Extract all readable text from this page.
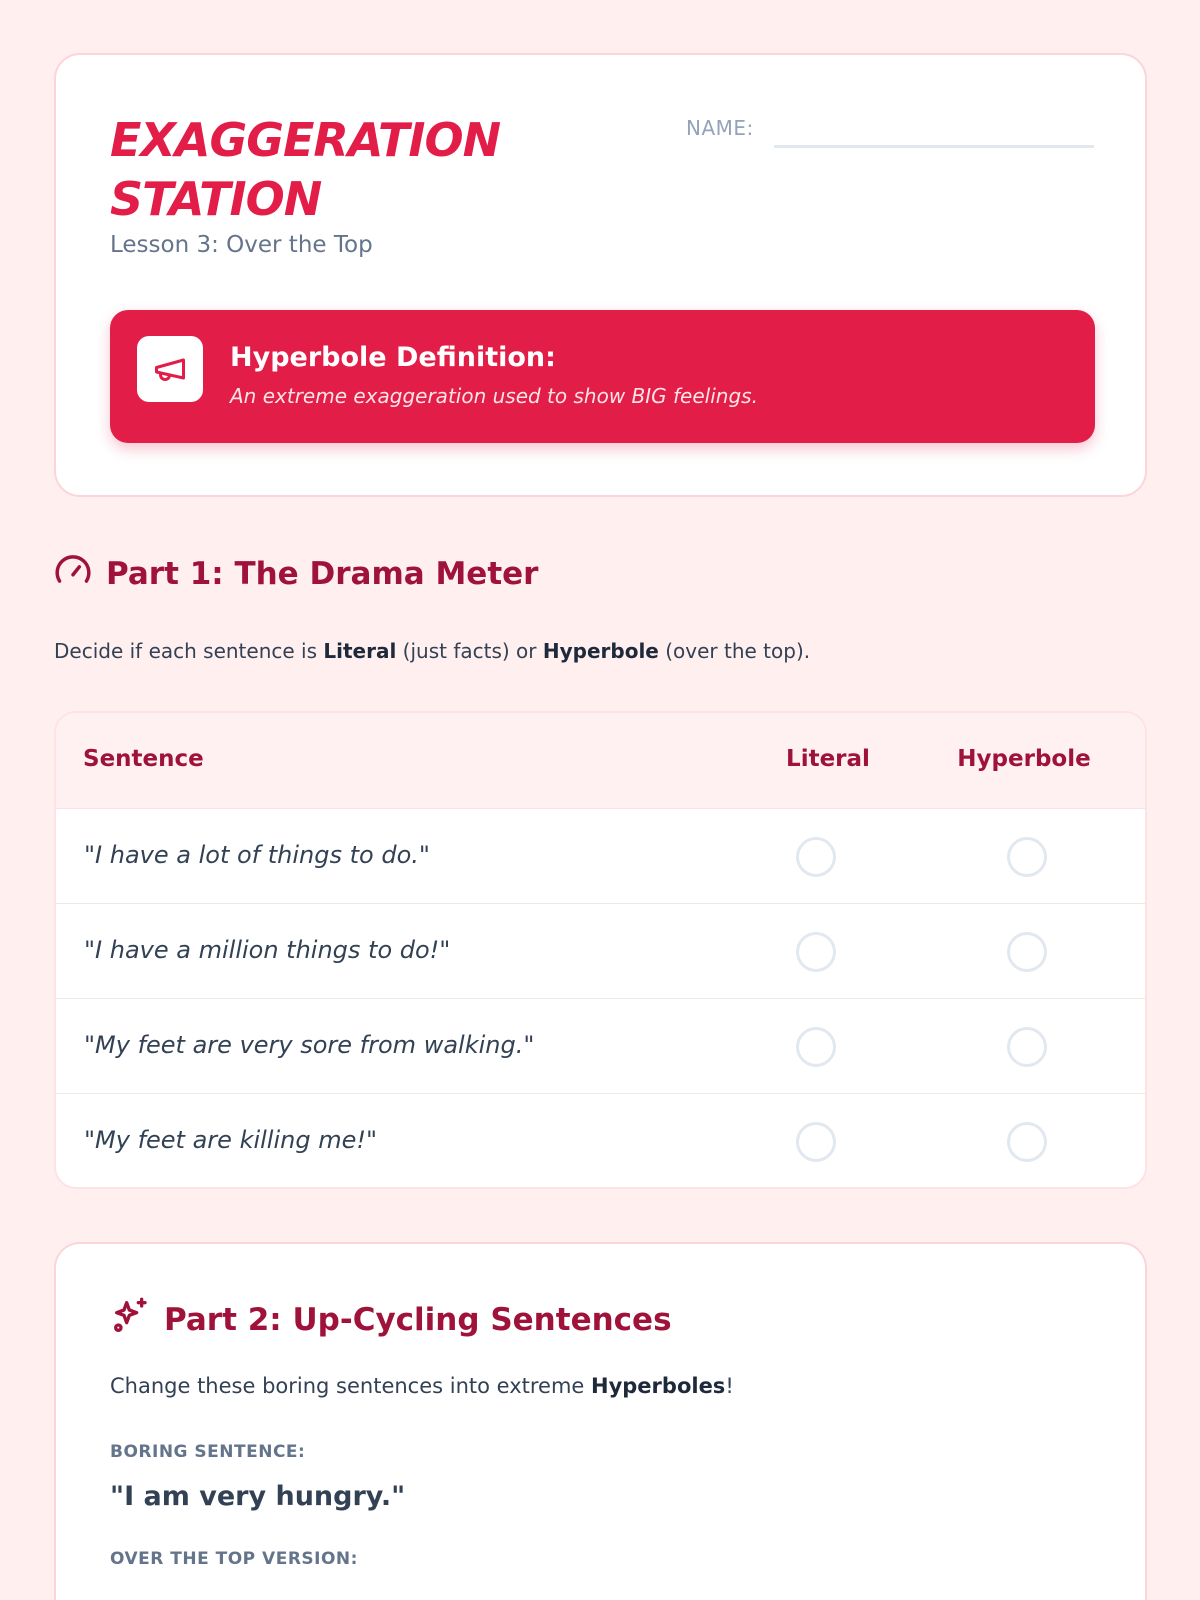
EXAGGERATION
STATION
Lesson 3: Over the Top
NAME:
Hyperbole Definition:
An extreme exaggeration used to show BIG feelings.
Part 1: The Drama Meter
Decide if each sentence is Literal (just facts) or Hyperbole (over the top).
Sentence	Literal	Hyperbole
"I have a lot of things to do."
"I have a million things to do!"
"My feet are very sore from walking."
"My feet are killing me!"
Part 2: Up-Cycling Sentences
Change these boring sentences into extreme Hyperboles!
BORING SENTENCE:
"I am very hungry."
OVER THE TOP VERSION:
